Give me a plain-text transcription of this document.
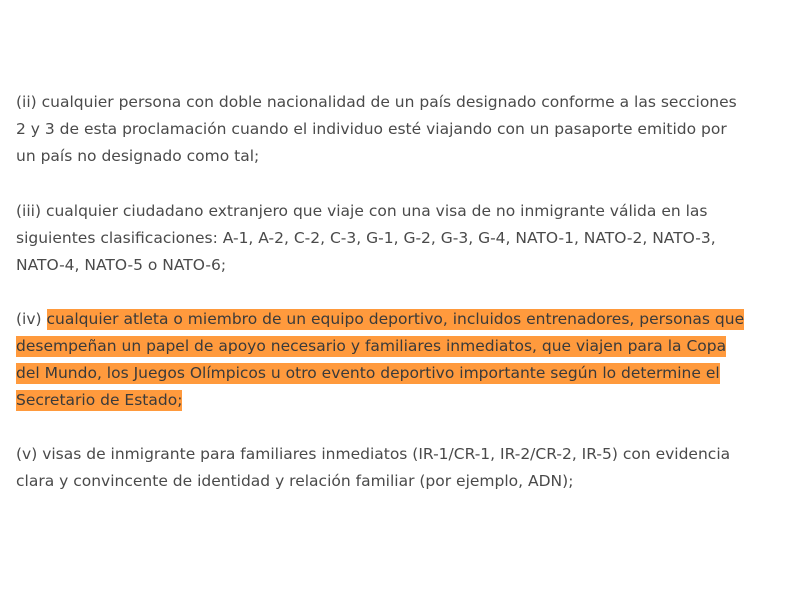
(ii) cualquier persona con doble nacionalidad de un país designado conforme a las secciones
2 y 3 de esta proclamación cuando el individuo esté viajando con un pasaporte emitido por
un país no designado como tal;

(iii) cualquier ciudadano extranjero que viaje con una visa de no inmigrante válida en las
siguientes clasificaciones: A-1, A-2, C-2, C-3, G-1, G-2, G-3, G-4, NATO-1, NATO-2, NATO-3,
NATO-4, NATO-5 o NATO-6;

(iv) cualquier atleta o miembro de un equipo deportivo, incluidos entrenadores, personas que
desempeñan un papel de apoyo necesario y familiares inmediatos, que viajen para la Copa
del Mundo, los Juegos Olímpicos u otro evento deportivo importante según lo determine el
Secretario de Estado;

(v) visas de inmigrante para familiares inmediatos (IR-1/CR-1, IR-2/CR-2, IR-5) con evidencia
clara y convincente de identidad y relación familiar (por ejemplo, ADN);
